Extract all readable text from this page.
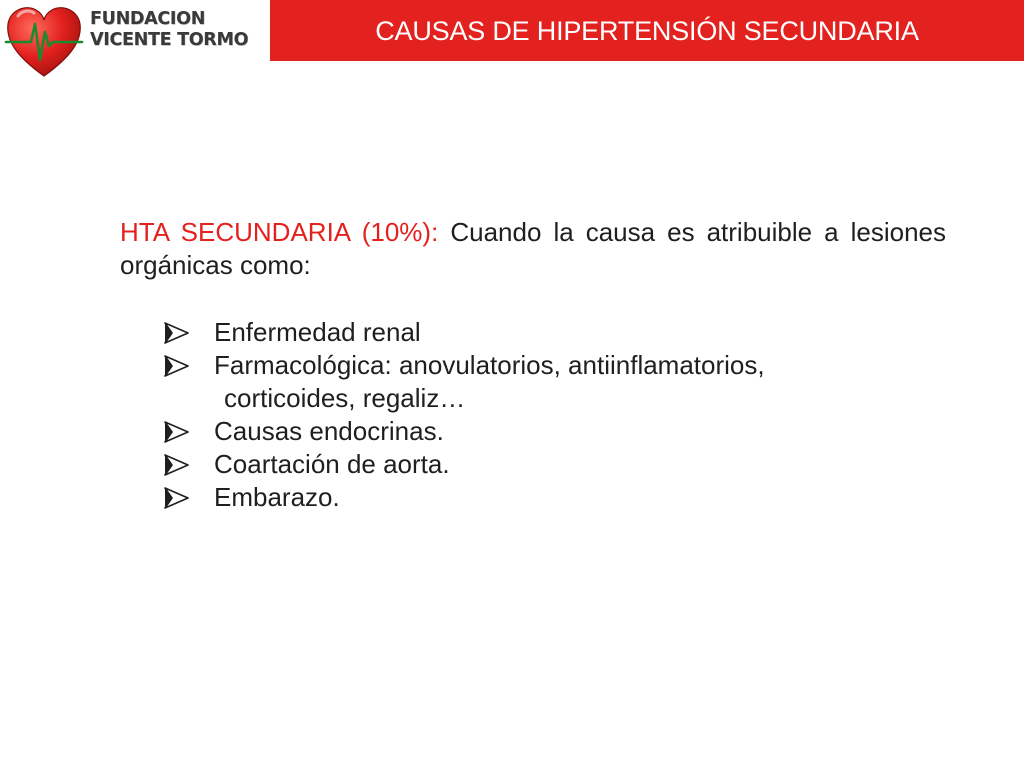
FUNDACION
VICENTE TORMO	CAUSAS DE HIPERTENSIÓN SECUNDARIA

HTA SECUNDARIA (10%): Cuando la causa es atribuible a lesiones orgánicas como:

Enfermedad renal
Farmacológica: anovulatorios, antiinflamatorios,
corticoides, regaliz…
Causas endocrinas.
Coartación de aorta.
Embarazo.
